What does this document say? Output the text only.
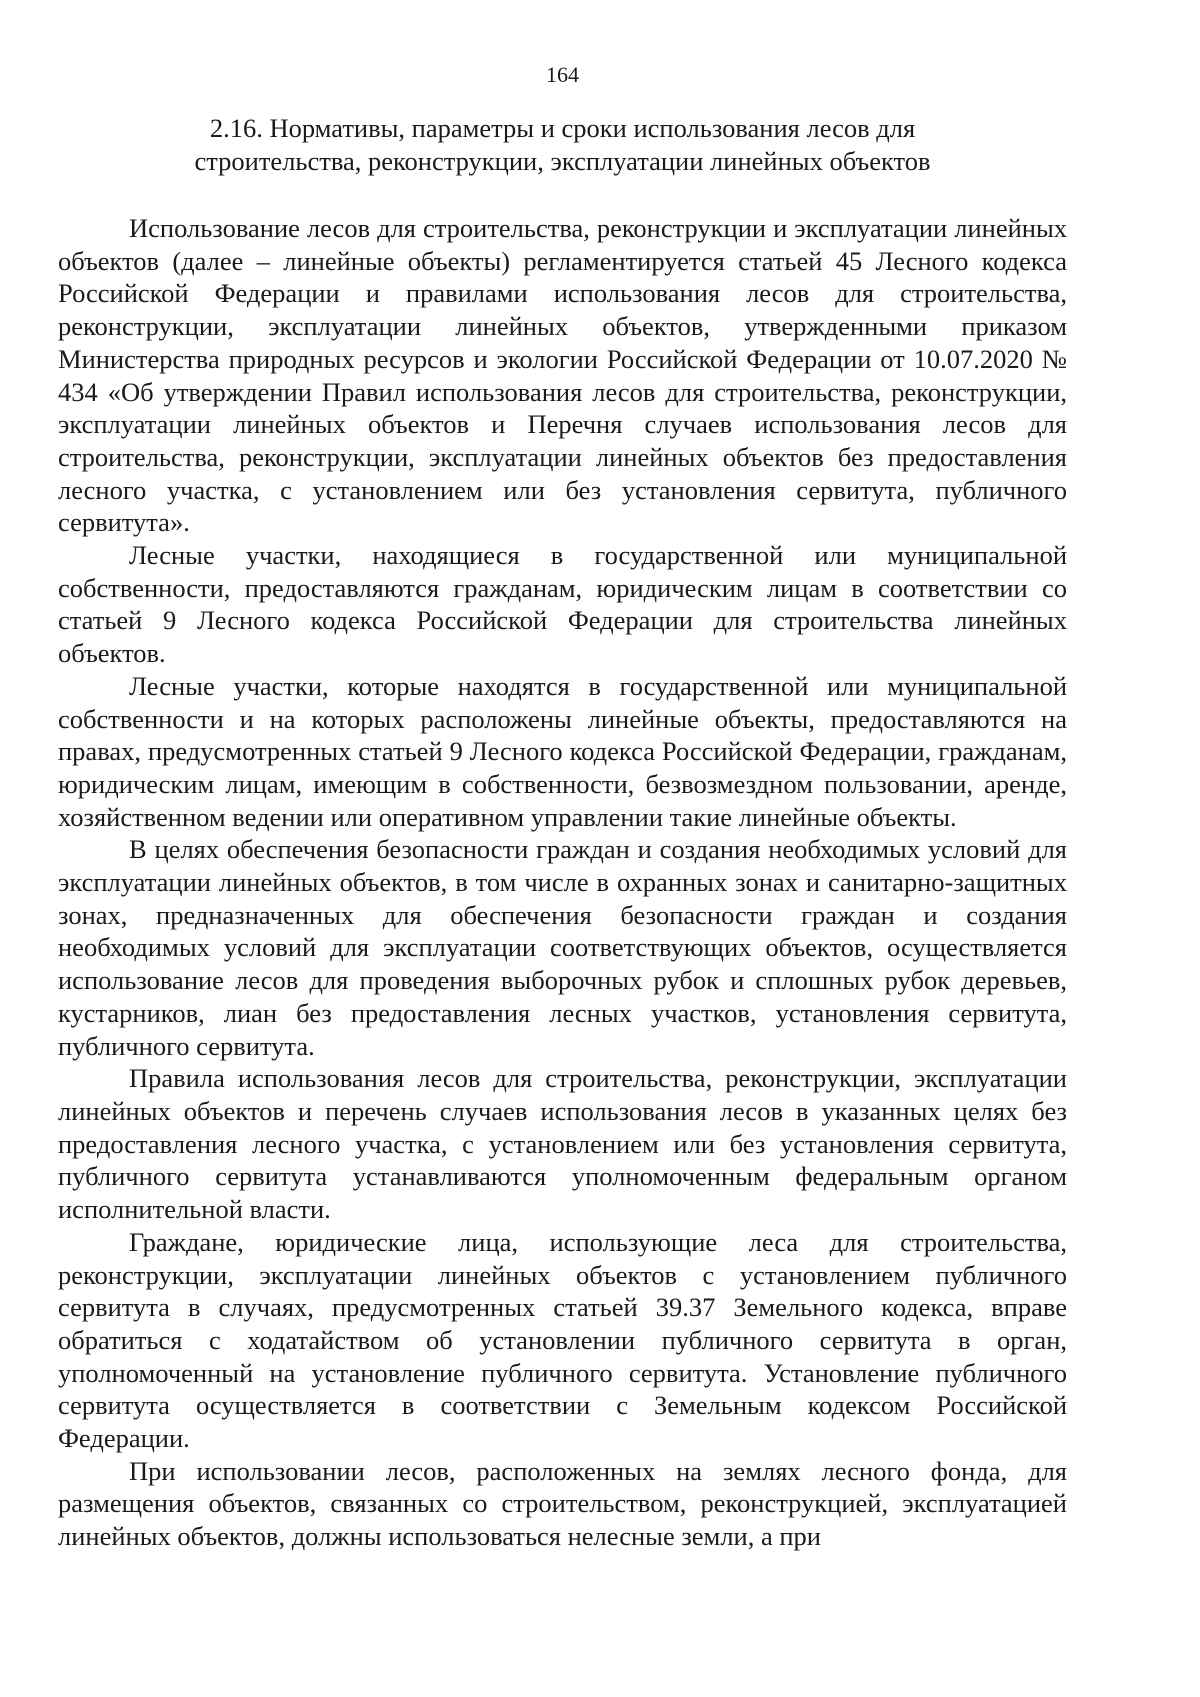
164
2.16. Нормативы, параметры и сроки использования лесов для
строительства, реконструкции, эксплуатации линейных объектов

Использование лесов для строительства, реконструкции и эксплуатации линейных объектов (далее – линейные объекты) регламентируется статьей 45 Лесного кодекса Российской Федерации и правилами использования лесов для строительства, реконструкции, эксплуатации линейных объектов, утвержденными приказом Министерства природных ресурсов и экологии Российской Федерации от 10.07.2020 № 434 «Об утверждении Правил использования лесов для строительства, реконструкции, эксплуатации линейных объектов и Перечня случаев использования лесов для строительства, реконструкции, эксплуатации линейных объектов без предоставления лесного участка, с установлением или без установления сервитута, публичного сервитута».

Лесные участки, находящиеся в государственной или муниципальной собственности, предоставляются гражданам, юридическим лицам в соответствии со статьей 9 Лесного кодекса Российской Федерации для строительства линейных объектов.

Лесные участки, которые находятся в государственной или муниципальной собственности и на которых расположены линейные объекты, предоставляются на правах, предусмотренных статьей 9 Лесного кодекса Российской Федерации, гражданам, юридическим лицам, имеющим в собственности, безвозмездном пользовании, аренде, хозяйственном ведении или оперативном управлении такие линейные объекты.

В целях обеспечения безопасности граждан и создания необходимых условий для эксплуатации линейных объектов, в том числе в охранных зонах и санитарно-защитных зонах, предназначенных для обеспечения безопасности граждан и создания необходимых условий для эксплуатации соответствующих объектов, осуществляется использование лесов для проведения выборочных рубок и сплошных рубок деревьев, кустарников, лиан без предоставления лесных участков, установления сервитута, публичного сервитута.

Правила использования лесов для строительства, реконструкции, эксплуатации линейных объектов и перечень случаев использования лесов в указанных целях без предоставления лесного участка, с установлением или без установления сервитута, публичного сервитута устанавливаются уполномоченным федеральным органом исполнительной власти.

Граждане, юридические лица, использующие леса для строительства, реконструкции, эксплуатации линейных объектов с установлением публичного сервитута в случаях, предусмотренных статьей 39.37 Земельного кодекса, вправе обратиться с ходатайством об установлении публичного сервитута в орган, уполномоченный на установление публичного сервитута. Установление публичного сервитута осуществляется в соответствии с Земельным кодексом Российской Федерации.

При использовании лесов, расположенных на землях лесного фонда, для размещения объектов, связанных со строительством, реконструкцией, эксплуатацией линейных объектов, должны использоваться нелесные земли, а при
